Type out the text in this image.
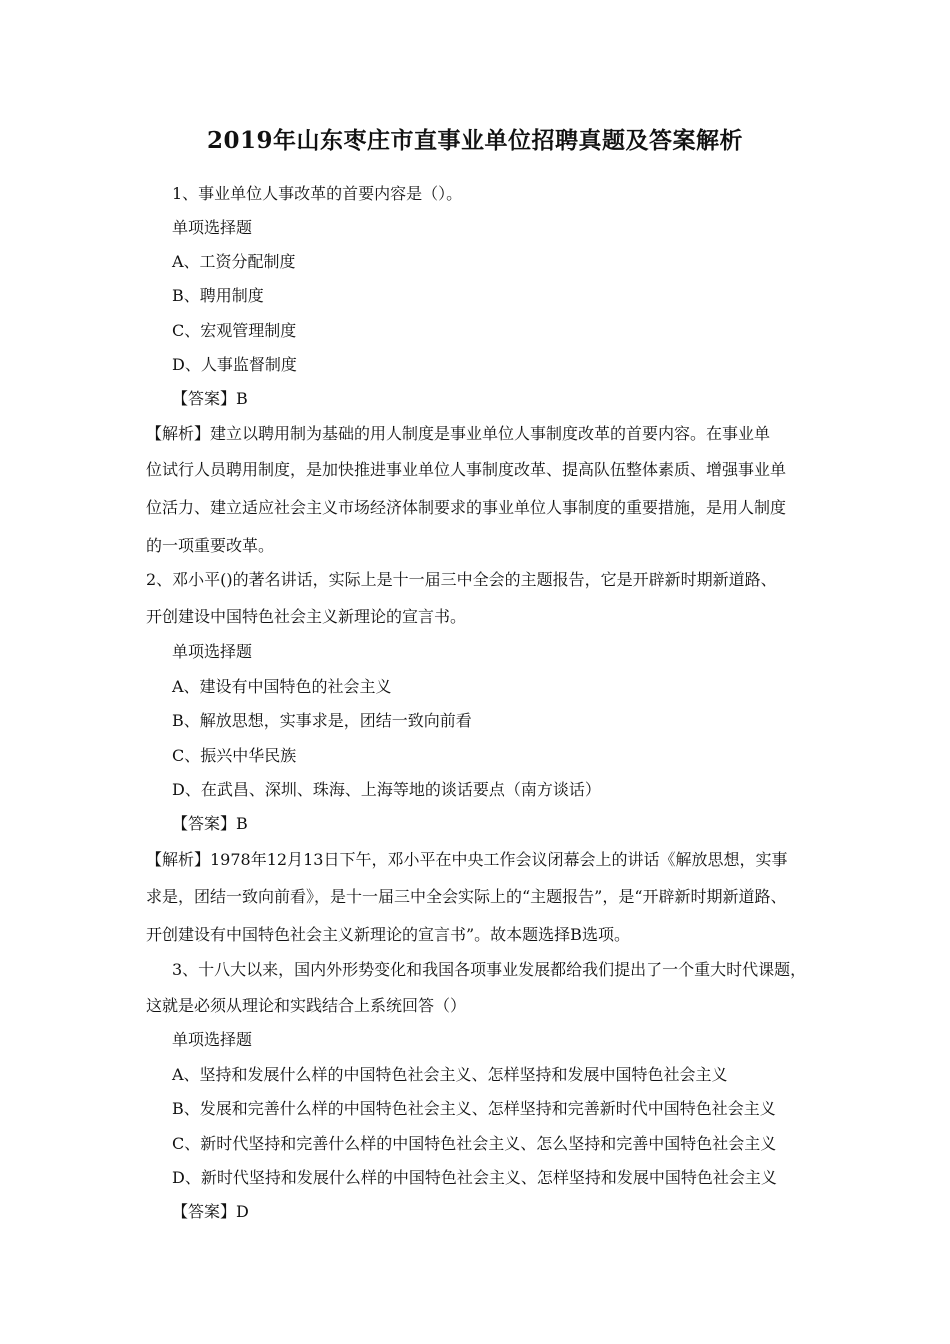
2019年山东枣庄市直事业单位招聘真题及答案解析
1、事业单位人事改革的首要内容是（）。
单项选择题
A、工资分配制度
B、聘用制度
C、宏观管理制度
D、人事监督制度
【答案】B
【解析】建立以聘用制为基础的用人制度是事业单位人事制度改革的首要内容。在事业单
位试行人员聘用制度，是加快推进事业单位人事制度改革、提高队伍整体素质、增强事业单
位活力、建立适应社会主义市场经济体制要求的事业单位人事制度的重要措施，是用人制度
的一项重要改革。
2、邓小平()的著名讲话，实际上是十一届三中全会的主题报告，它是开辟新时期新道路、
开创建设中国特色社会主义新理论的宣言书。
单项选择题
A、建设有中国特色的社会主义
B、解放思想，实事求是，团结一致向前看
C、振兴中华民族
D、在武昌、深圳、珠海、上海等地的谈话要点（南方谈话）
【答案】B
【解析】1978年12月13日下午，邓小平在中央工作会议闭幕会上的讲话《解放思想，实事
求是，团结一致向前看》，是十一届三中全会实际上的“主题报告”，是“开辟新时期新道路、
开创建设有中国特色社会主义新理论的宣言书”。故本题选择B选项。
3、十八大以来，国内外形势变化和我国各项事业发展都给我们提出了一个重大时代课题，
这就是必须从理论和实践结合上系统回答（）
单项选择题
A、坚持和发展什么样的中国特色社会主义、怎样坚持和发展中国特色社会主义
B、发展和完善什么样的中国特色社会主义、怎样坚持和完善新时代中国特色社会主义
C、新时代坚持和完善什么样的中国特色社会主义、怎么坚持和完善中国特色社会主义
D、新时代坚持和发展什么样的中国特色社会主义、怎样坚持和发展中国特色社会主义
【答案】D
